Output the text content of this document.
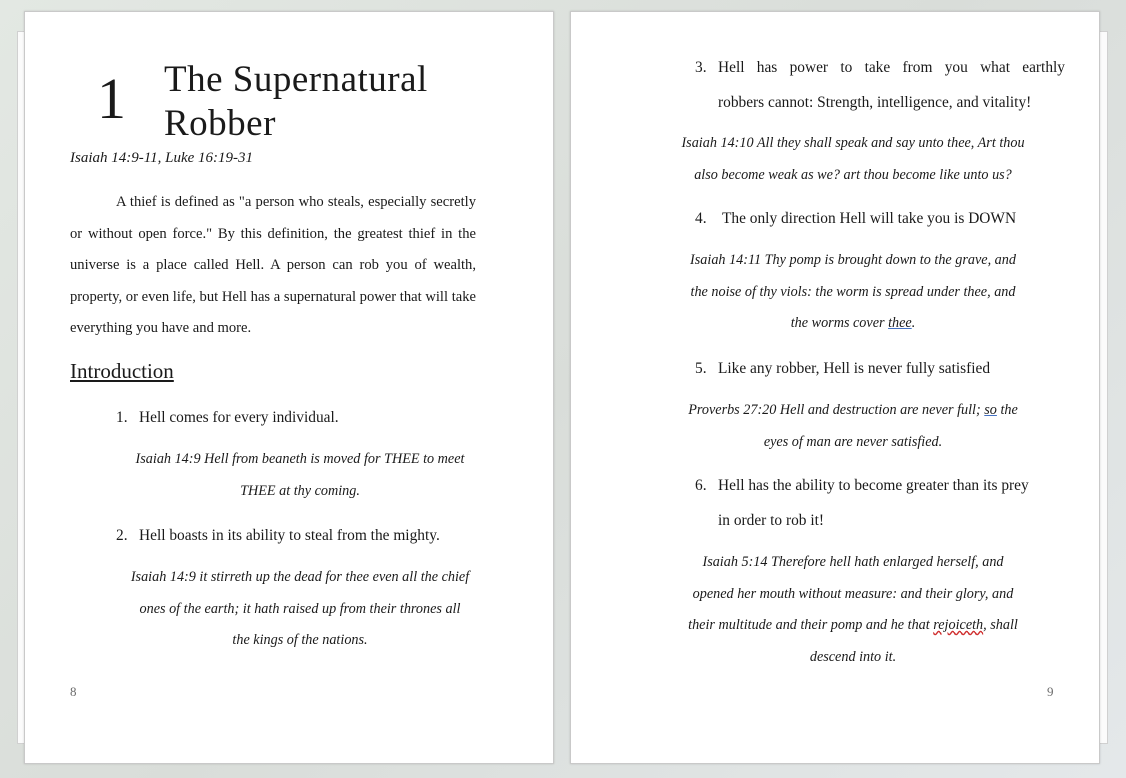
1 The Supernatural
Robber
Isaiah 14:9-11, Luke 16:19-31
A thief is defined as "a person who steals, especially secretly or without open force." By this definition, the greatest thief in the universe is a place called Hell. A person can rob you of wealth, property, or even life, but Hell has a supernatural power that will take everything you have and more.
Introduction
1. Hell comes for every individual.
Isaiah 14:9 Hell from beaneth is moved for THEE to meet
THEE at thy coming.
2. Hell boasts in its ability to steal from the mighty.
Isaiah 14:9 it stirreth up the dead for thee even all the chief
ones of the earth; it hath raised up from their thrones all
the kings of the nations.
8
3. Hell has power to take from you what earthly
robbers cannot: Strength, intelligence, and vitality!
Isaiah 14:10 All they shall speak and say unto thee, Art thou
also become weak as we? art thou become like unto us?
4.	The only direction Hell will take you is DOWN
Isaiah 14:11 Thy pomp is brought down to the grave, and
the noise of thy viols: the worm is spread under thee, and
the worms cover thee.
5. Like any robber, Hell is never fully satisfied
Proverbs 27:20 Hell and destruction are never full; so the
eyes of man are never satisfied.
6. Hell has the ability to become greater than its prey
in order to rob it!
Isaiah 5:14 Therefore hell hath enlarged herself, and
opened her mouth without measure: and their glory, and
their multitude and their pomp and he that rejoiceth, shall
descend into it.
9
